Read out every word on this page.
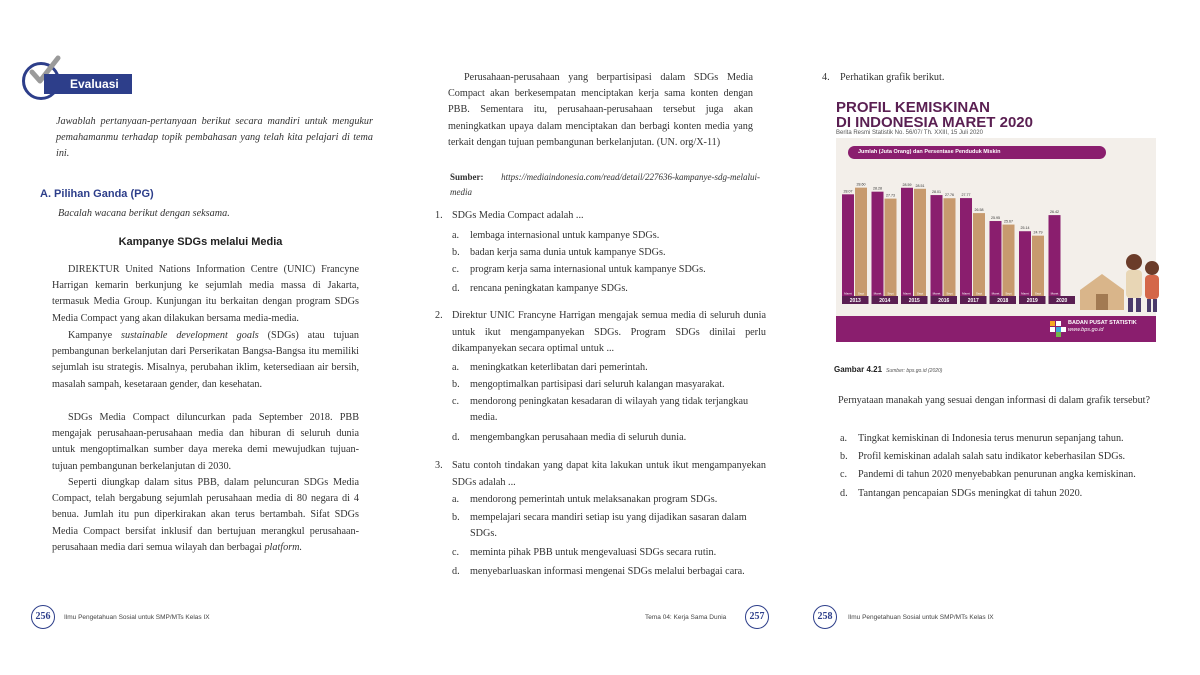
Evaluasi
Jawablah pertanyaan-pertanyaan berikut secara mandiri untuk mengukur pemahamanmu terhadap topik pembahasan yang telah kita pelajari di tema ini.
A. Pilihan Ganda (PG)
Bacalah wacana berikut dengan seksama.
Kampanye SDGs melalui Media
DIREKTUR United Nations Information Centre (UNIC) Francyne Harrigan kemarin berkunjung ke sejumlah media massa di Jakarta, termasuk Media Group. Kunjungan itu berkaitan dengan program SDGs Media Compact yang akan dilakukan bersama media-media.
Kampanye sustainable development goals (SDGs) atau tujuan pembangunan berkelanjutan dari Perserikatan Bangsa-Bangsa itu memiliki sejumlah isu strategis. Misalnya, perubahan iklim, ketersediaan air bersih, masalah sampah, kesetaraan gender, dan kesehatan.
SDGs Media Compact diluncurkan pada September 2018. PBB mengajak perusahaan-perusahaan media dan hiburan di seluruh dunia untuk mengoptimalkan sumber daya mereka demi mewujudkan tujuan-tujuan pembangunan berkelanjutan di 2030.
Seperti diungkap dalam situs PBB, dalam peluncuran SDGs Media Compact, telah bergabung sejumlah perusahaan media di 80 negara di 4 benua. Jumlah itu pun diperkirakan akan terus bertambah. Sifat SDGs Media Compact bersifat inklusif dan bertujuan merangkul perusahaan-perusahaan media dari semua wilayah dan berbagai platform.
256	Ilmu Pengetahuan Sosial untuk SMP/MTs Kelas IX
Perusahaan-perusahaan yang berpartisipasi dalam SDGs Media Compact akan berkesempatan menciptakan kerja sama konten dengan PBB. Sementara itu, perusahaan-perusahaan tersebut juga akan meningkatkan upaya dalam menciptakan dan berbagi konten media yang terkait dengan tujuan pembangunan berkelanjutan. (UN. org/X-11)
Sumber: https://mediaindonesia.com/read/detail/227636-kampanye-sdg-melalui-media
1. SDGs Media Compact adalah ...
a. lembaga internasional untuk kampanye SDGs.
b. badan kerja sama dunia untuk kampanye SDGs.
c. program kerja sama internasional untuk kampanye SDGs.
d. rencana peningkatan kampanye SDGs.
2. Direktur UNIC Francyne Harrigan mengajak semua media di seluruh dunia untuk ikut mengampanyekan SDGs. Program SDGs dinilai perlu dikampanyekan secara optimal untuk ...
a. meningkatkan keterlibatan dari pemerintah.
b. mengoptimalkan partisipasi dari seluruh kalangan masyarakat.
c. mendorong peningkatan kesadaran di wilayah yang tidak terjangkau media.
d. mengembangkan perusahaan media di seluruh dunia.
3. Satu contoh tindakan yang dapat kita lakukan untuk ikut mengampanyekan SDGs adalah ...
a. mendorong pemerintah untuk melaksanakan program SDGs.
b. mempelajari secara mandiri setiap isu yang dijadikan sasaran dalam SDGs.
c. meminta pihak PBB untuk mengevaluasi SDGs secara rutin.
d. menyebarluaskan informasi mengenai SDGs melalui berbagai cara.
Tema 04: Kerja Sama Dunia	257
4. Perhatikan grafik berikut.
PROFIL KEMISKINAN
DI INDONESIA MARET 2020
Berita Resmi Statistik No. 56/07/ Th. XXIII, 15 Juli 2020
Jumlah (Juta Orang) dan Persentase Penduduk Miskin
28.07
Maret
28.60
Sept
2013
28.28
Maret
27.73
Sept
2014
28.59
Maret
28.51
Sept
2015
28.01
Maret
27.76
Sept
2016
27.77
Maret
26.58
Sept
2017
25.95
Maret
25.67
Sept
2018
25.14
Maret
24.79
Sept
2019
26.42
Maret
2020
BADAN PUSAT STATISTIK
www.bps.go.id
Gambar 4.21 Sumber: bps.go.id (2020)
Pernyataan manakah yang sesuai dengan informasi di dalam grafik tersebut?
a. Tingkat kemiskinan di Indonesia terus menurun sepanjang tahun.
b. Profil kemiskinan adalah salah satu indikator keberhasilan SDGs.
c. Pandemi di tahun 2020 menyebabkan penurunan angka kemiskinan.
d. Tantangan pencapaian SDGs meningkat di tahun 2020.
258	Ilmu Pengetahuan Sosial untuk SMP/MTs Kelas IX
